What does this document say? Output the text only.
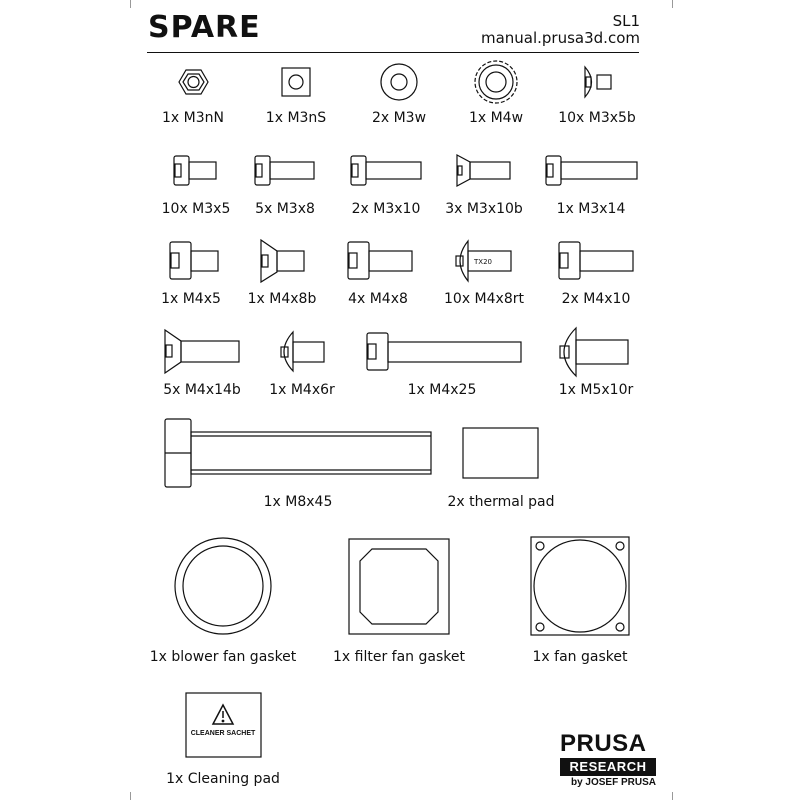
SPARE	SL1
manual.prusa3d.com
TX20
CLEANER SACHET
1x M3nN	1x M3nS	2x M3w	1x M4w	10x M3x5b
10x M3x5 5x M3x8	2x M3x10 3x M3x10b 1x M3x14
1x M4x5 1x M4x8b 4x M4x8	10x M4x8rt	2x M4x10
5x M4x14b 1x M4x6r	1x M4x25	1x M5x10r
1x M8x45	2x thermal pad
1x blower fan gasket	1x filter fan gasket	1x fan gasket
1x Cleaning pad
PRUSA
RESEARCH
by JOSEF PRUSA
